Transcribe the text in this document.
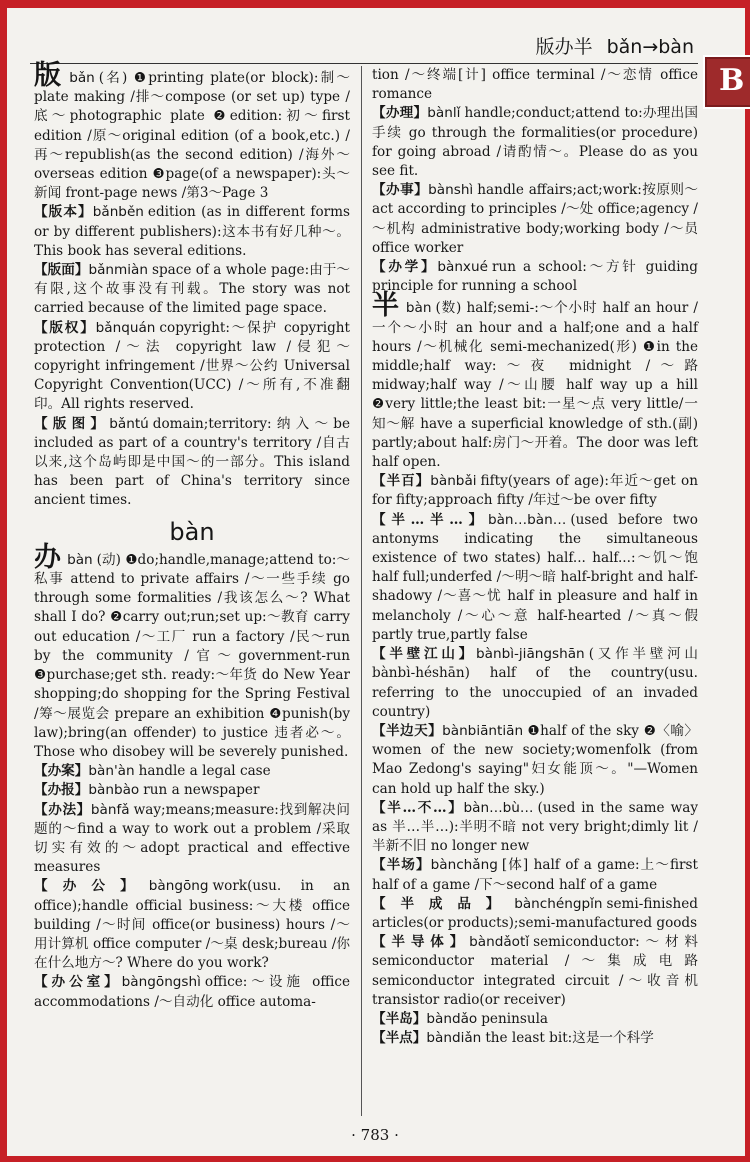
版办半 bǎn→bàn
B

版bǎn (名) ❶printing plate(or block):制～plate making /排～compose (or set up) type /底～photographic plate ❷edition:初～first edition /原～original edition (of a book,etc.) /再～republish(as the second edition) /海外～overseas edition ❸page(of a newspaper):头～新闻 front-page news /第3～Page 3

【版本】bǎnběn edition (as in different forms or by different publishers):这本书有好几种～。This book has several editions.

【版面】bǎnmiàn space of a whole page:由于～有限,这个故事没有刊载。The story was not carried because of the limited page space.

【版权】bǎnquán copyright:～保护 copyright protection /～法 copyright law /侵犯～copyright infringement /世界～公约 Universal Copyright Convention(UCC) /～所有,不准翻印。All rights reserved.

【版图】bǎntú domain;territory:纳入～be included as part of a country's territory /自古以来,这个岛屿即是中国～的一部分。This island has been part of China's territory since ancient times.

bàn

办bàn (动) ❶do;handle,manage;attend to:～私事 attend to private affairs /～一些手续 go through some formalities /我该怎么～? What shall I do? ❷carry out;run;set up:～教育 carry out education /～工厂 run a factory /民～run by the community /官～government-run ❸purchase;get sth. ready:～年货 do New Year shopping;do shopping for the Spring Festival /筹～展览会 prepare an exhibition ❹punish(by law);bring(an offender) to justice 违者必～。Those who disobey will be severely punished.

【办案】bàn'àn handle a legal case

【办报】bànbào run a newspaper

【办法】bànfǎ way;means;measure:找到解决问题的～find a way to work out a problem /采取切实有效的～adopt practical and effective measures

【办公】bàngōng work(usu. in an office);handle official business:～大楼 office building /～时间 office(or business) hours /～用计算机 office computer /～桌 desk;bureau /你在什么地方～? Where do you work?

【办公室】bàngōngshì office:～设施 office accommodations /～自动化 office automa-

tion /～终端[计] office terminal /～恋情 office romance

【办理】bànlǐ handle;conduct;attend to:办理出国手续 go through the formalities(or procedure) for going abroad /请酌情～。Please do as you see fit.

【办事】bànshì handle affairs;act;work:按原则～act according to principles /～处 office;agency /～机构 administrative body;working body /～员 office worker

【办学】bànxué run a school:～方针 guiding principle for running a school

半bàn (数) half;semi-:～个小时 half an hour /一个～小时 an hour and a half;one and a half hours /～机械化 semi-mechanized(形) ❶in the middle;half way:～夜 midnight /～路 midway;half way /～山腰 half way up a hill ❷very little;the least bit:一星～点 very little/一知～解 have a superficial knowledge of sth.(副) partly;about half:房门～开着。The door was left half open.

【半百】bànbǎi fifty(years of age):年近～get on for fifty;approach fifty /年过～be over fifty

【半…半…】bàn…bàn… (used before two antonyms indicating the simultaneous existence of two states) half... half...:～饥～饱 half full;underfed /～明～暗 half-bright and half-shadowy /～喜～忧 half in pleasure and half in melancholy /～心～意 half-hearted /～真～假 partly true,partly false

【半壁江山】bànbì-jiāngshān (又作半壁河山 bànbì-héshān) half of the country(usu. referring to the unoccupied of an invaded country)

【半边天】bànbiāntiān ❶half of the sky ❷〈喻〉women of the new society;womenfolk (from Mao Zedong's saying"妇女能顶～。"—Women can hold up half the sky.)

【半…不…】bàn…bù… (used in the same way as 半…半…):半明不暗 not very bright;dimly lit /半新不旧 no longer new

【半场】bànchǎng [体] half of a game:上～first half of a game /下～second half of a game

【半成品】bànchéngpǐn semi-finished articles(or products);semi-manufactured goods

【半导体】bàndǎotǐ semiconductor:～材料 semiconductor material /～集成电路 semiconductor integrated circuit /～收音机 transistor radio(or receiver)

【半岛】bàndǎo peninsula

【半点】bàndiǎn the least bit:这是一个科学

· 783 ·
